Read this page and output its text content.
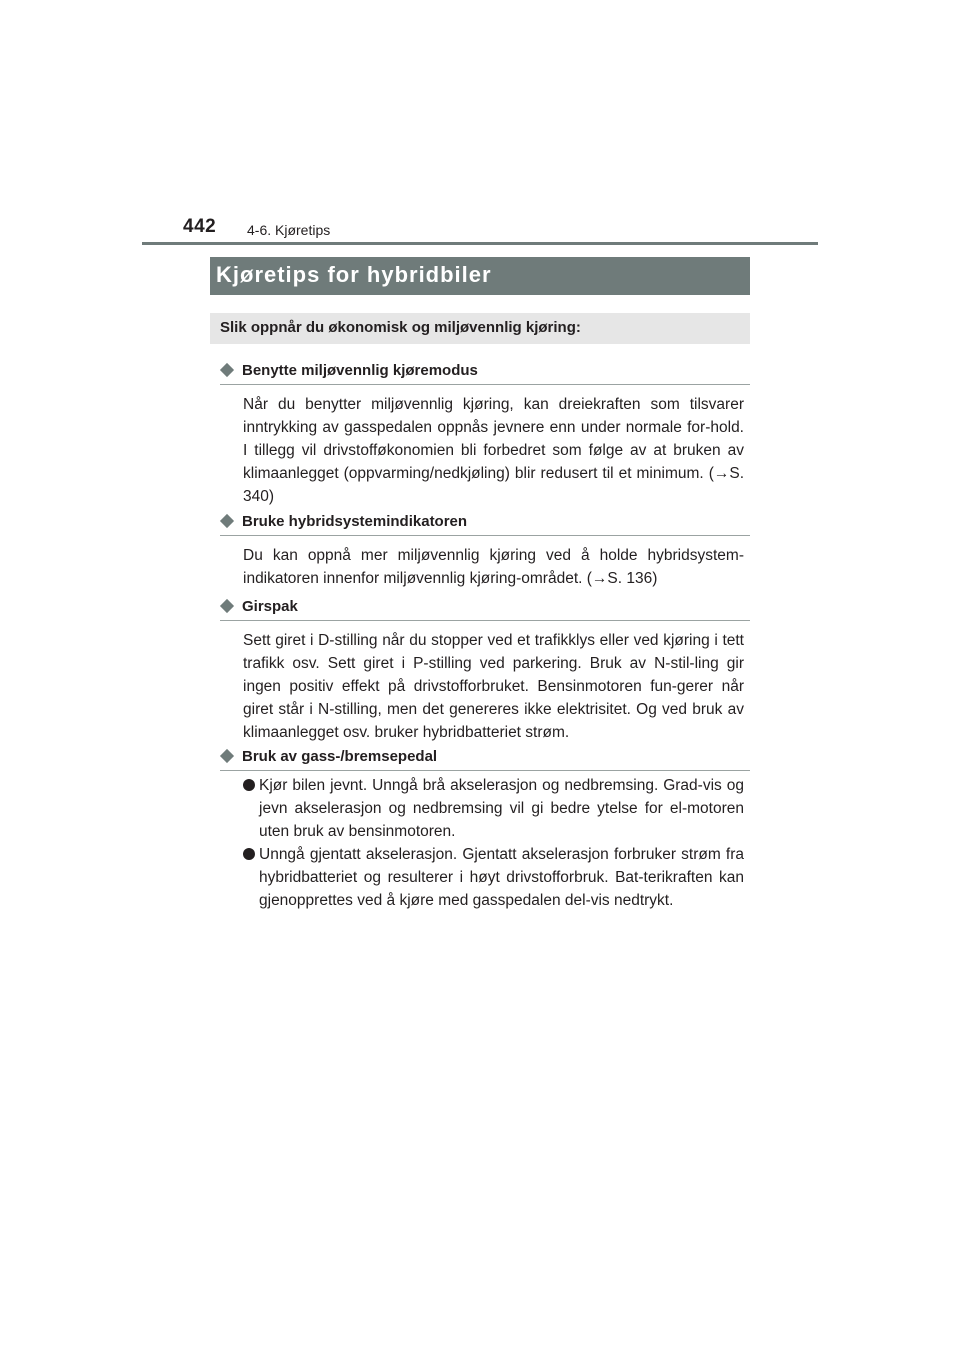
442 4-6. Kjøretips
Kjøretips for hybridbiler
Slik oppnår du økonomisk og miljøvennlig kjøring:
Benytte miljøvennlig kjøremodus
Når du benytter miljøvennlig kjøring, kan dreiekraften som tilsvarer inntrykking av gasspedalen oppnås jevnere enn under normale for-hold. I tillegg vil drivstofføkonomien bli forbedret som følge av at bruken av klimaanlegget (oppvarming/nedkjøling) blir redusert til et minimum. (→S. 340)
Bruke hybridsystemindikatoren
Du kan oppnå mer miljøvennlig kjøring ved å holde hybridsystem-indikatoren innenfor miljøvennlig kjøring-området. (→S. 136)
Girspak
Sett giret i D-stilling når du stopper ved et trafikklys eller ved kjøring i tett trafikk osv. Sett giret i P-stilling ved parkering. Bruk av N-stil-ling gir ingen positiv effekt på drivstofforbruket. Bensinmotoren fun-gerer når giret står i N-stilling, men det genereres ikke elektrisitet. Og ved bruk av klimaanlegget osv. bruker hybridbatteriet strøm.
Bruk av gass-/bremsepedal
Kjør bilen jevnt. Unngå brå akselerasjon og nedbremsing. Grad-vis og jevn akselerasjon og nedbremsing vil gi bedre ytelse for el-motoren uten bruk av bensinmotoren.
Unngå gjentatt akselerasjon. Gjentatt akselerasjon forbruker strøm fra hybridbatteriet og resulterer i høyt drivstofforbruk. Bat-terikraften kan gjenopprettes ved å kjøre med gasspedalen del-vis nedtrykt.
